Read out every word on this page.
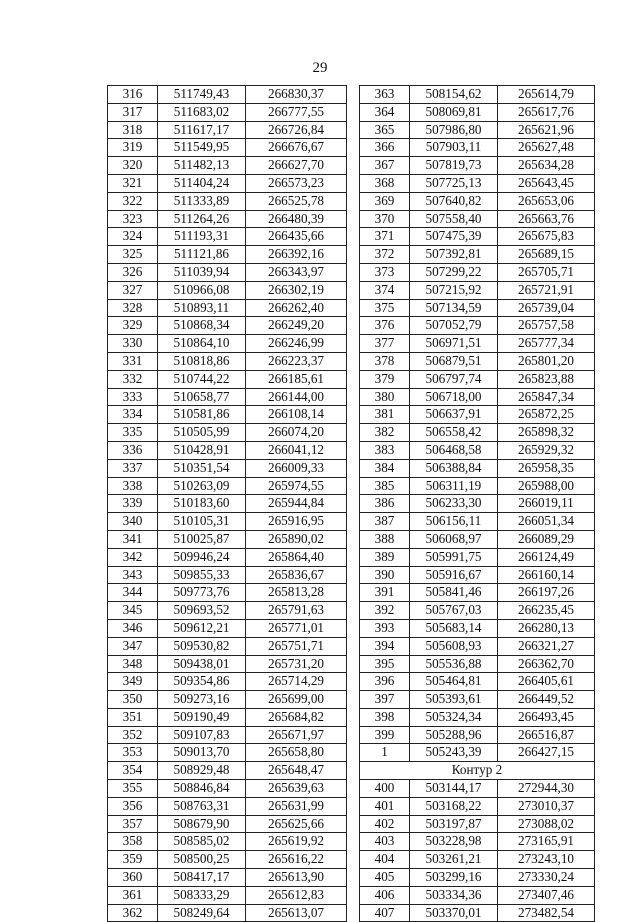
29
316	511749,43	266830,37
317	511683,02	266777,55
318	511617,17	266726,84
319	511549,95	266676,67
320	511482,13	266627,70
321	511404,24	266573,23
322	511333,89	266525,78
323	511264,26	266480,39
324	511193,31	266435,66
325	511121,86	266392,16
326	511039,94	266343,97
327	510966,08	266302,19
328	510893,11	266262,40
329	510868,34	266249,20
330	510864,10	266246,99
331	510818,86	266223,37
332	510744,22	266185,61
333	510658,77	266144,00
334	510581,86	266108,14
335	510505,99	266074,20
336	510428,91	266041,12
337	510351,54	266009,33
338	510263,09	265974,55
339	510183,60	265944,84
340	510105,31	265916,95
341	510025,87	265890,02
342	509946,24	265864,40
343	509855,33	265836,67
344	509773,76	265813,28
345	509693,52	265791,63
346	509612,21	265771,01
347	509530,82	265751,71
348	509438,01	265731,20
349	509354,86	265714,29
350	509273,16	265699,00
351	509190,49	265684,82
352	509107,83	265671,97
353	509013,70	265658,80
354	508929,48	265648,47
355	508846,84	265639,63
356	508763,31	265631,99
357	508679,90	265625,66
358	508585,02	265619,92
359	508500,25	265616,22
360	508417,17	265613,90
361	508333,29	265612,83
362	508249,64	265613,07
363	508154,62	265614,79
364	508069,81	265617,76
365	507986,80	265621,96
366	507903,11	265627,48
367	507819,73	265634,28
368	507725,13	265643,45
369	507640,82	265653,06
370	507558,40	265663,76
371	507475,39	265675,83
372	507392,81	265689,15
373	507299,22	265705,71
374	507215,92	265721,91
375	507134,59	265739,04
376	507052,79	265757,58
377	506971,51	265777,34
378	506879,51	265801,20
379	506797,74	265823,88
380	506718,00	265847,34
381	506637,91	265872,25
382	506558,42	265898,32
383	506468,58	265929,32
384	506388,84	265958,35
385	506311,19	265988,00
386	506233,30	266019,11
387	506156,11	266051,34
388	506068,97	266089,29
389	505991,75	266124,49
390	505916,67	266160,14
391	505841,46	266197,26
392	505767,03	266235,45
393	505683,14	266280,13
394	505608,93	266321,27
395	505536,88	266362,70
396	505464,81	266405,61
397	505393,61	266449,52
398	505324,34	266493,45
399	505288,96	266516,87
1	505243,39	266427,15
Контур 2		
400	503144,17	272944,30
401	503168,22	273010,37
402	503197,87	273088,02
403	503228,98	273165,91
404	503261,21	273243,10
405	503299,16	273330,24
406	503334,36	273407,46
407	503370,01	273482,54
